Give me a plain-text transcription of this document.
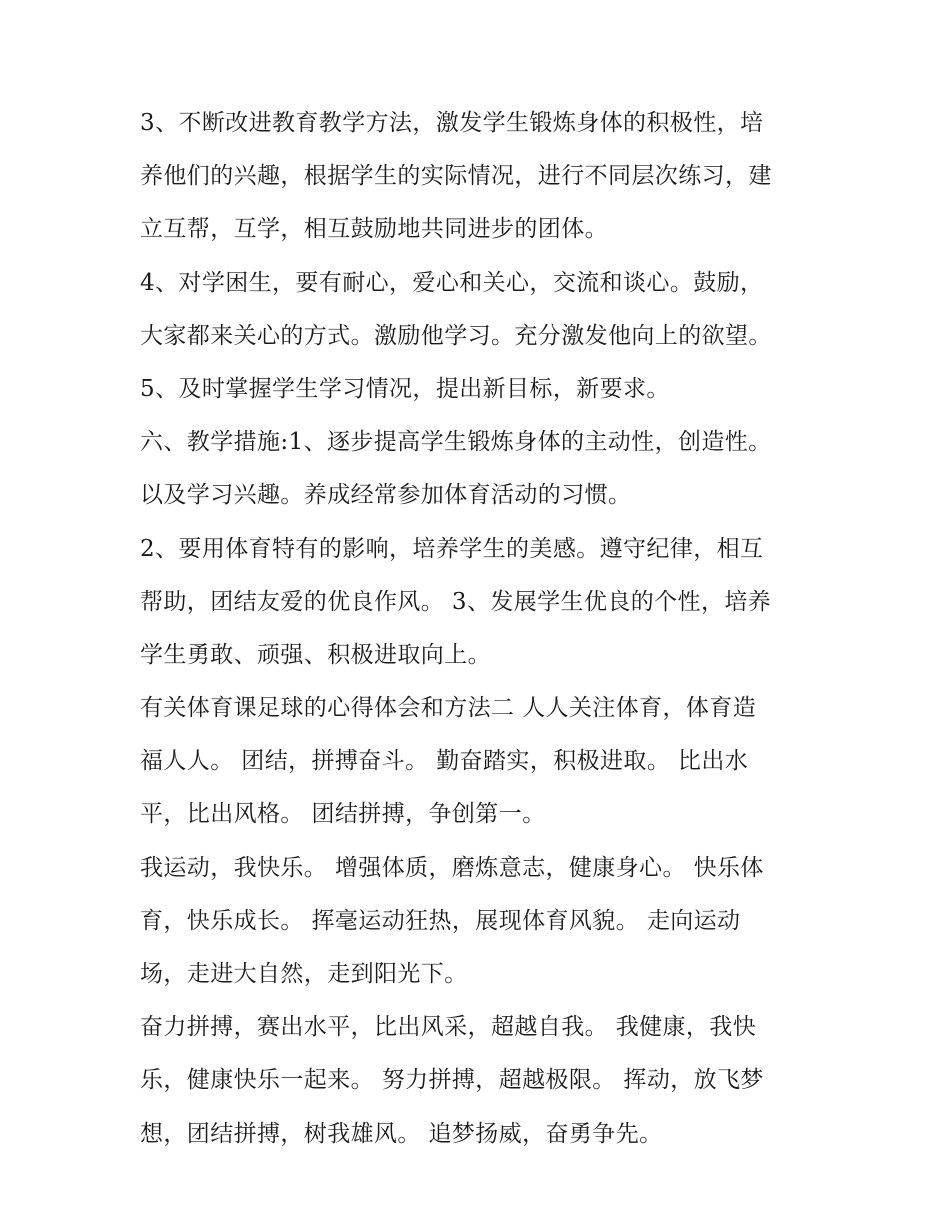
3、不断改进教育教学方法，激发学生锻炼身体的积极性，培
养他们的兴趣，根据学生的实际情况，进行不同层次练习，建
立互帮，互学，相互鼓励地共同进步的团体。
4、对学困生，要有耐心，爱心和关心，交流和谈心。鼓励，
大家都来关心的方式。激励他学习。充分激发他向上的欲望。
5、及时掌握学生学习情况，提出新目标，新要求。
六、教学措施:1、逐步提高学生锻炼身体的主动性，创造性。
以及学习兴趣。养成经常参加体育活动的习惯。
2、要用体育特有的影响，培养学生的美感。遵守纪律，相互
帮助，团结友爱的优良作风。 3、发展学生优良的个性，培养
学生勇敢、顽强、积极进取向上。
有关体育课足球的心得体会和方法二 人人关注体育，体育造
福人人。 团结，拼搏奋斗。 勤奋踏实，积极进取。 比出水
平，比出风格。 团结拼搏，争创第一。
我运动，我快乐。 增强体质，磨炼意志，健康身心。 快乐体
育，快乐成长。 挥毫运动狂热，展现体育风貌。 走向运动
场，走进大自然，走到阳光下。
奋力拼搏，赛出水平，比出风采，超越自我。 我健康，我快
乐，健康快乐一起来。 努力拼搏，超越极限。 挥动，放飞梦
想，团结拼搏，树我雄风。 追梦扬威，奋勇争先。
